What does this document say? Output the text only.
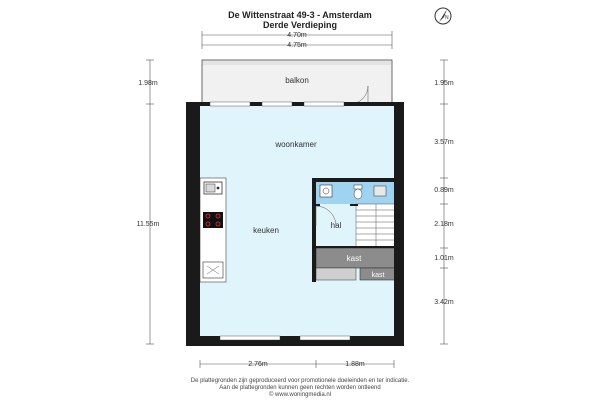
De Wittenstraat 49-3 - Amsterdam
Derde Verdieping
N
4.70m
4.75m
balkon
hal
kast
kast
woonkamer
keuken
1.98m
11.55m
1.95m
3.57m
0.89m
2.18m
1.01m
3.42m
2.76m	1.88m
De plattegronden zijn geproduceerd voor promotionele doeleinden en ter indicatie.
Aan de plattegronden kunnen geen rechten worden ontleend
© www.woningmedia.nl
